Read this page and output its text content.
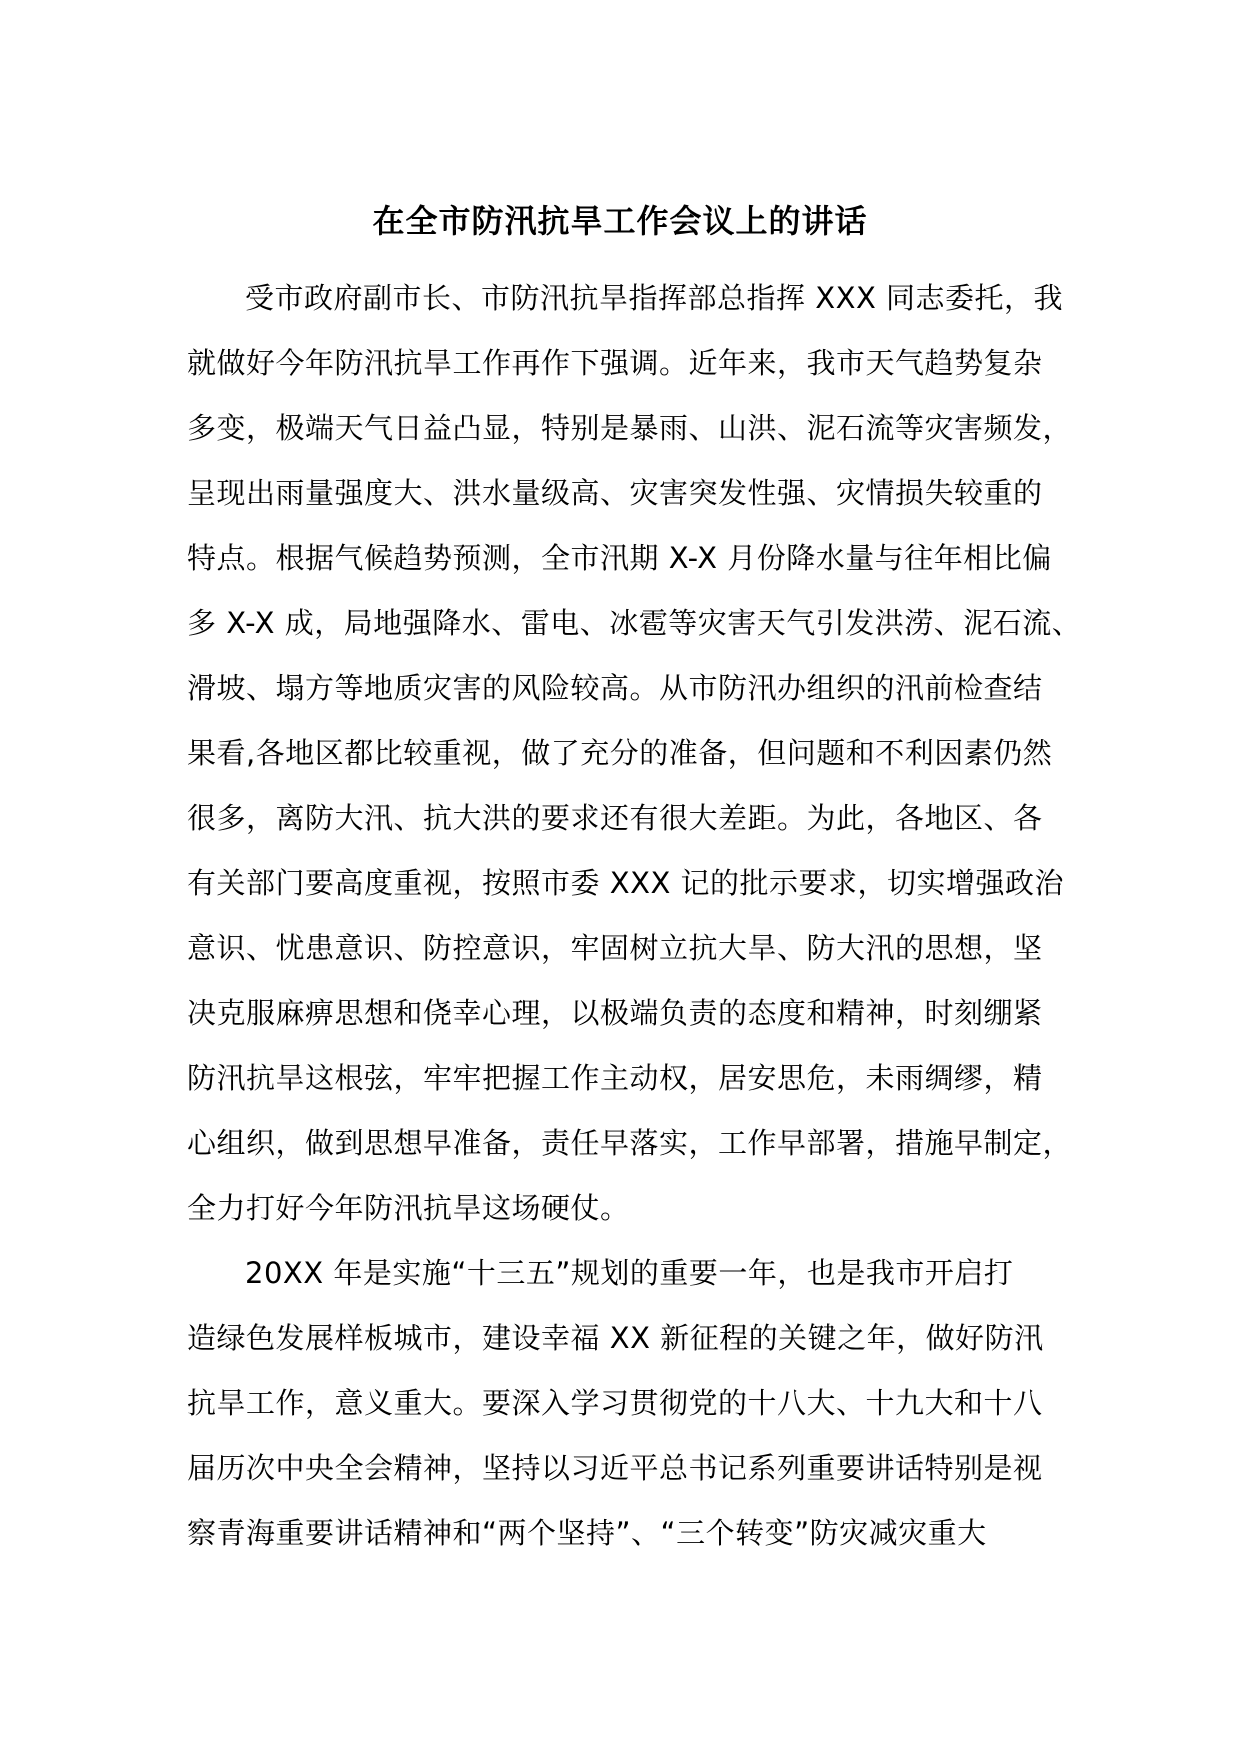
在全市防汛抗旱工作会议上的讲话
受市政府副市长、市防汛抗旱指挥部总指挥 XXX 同志委托，我
就做好今年防汛抗旱工作再作下强调。近年来，我市天气趋势复杂
多变，极端天气日益凸显，特别是暴雨、山洪、泥石流等灾害频发，
呈现出雨量强度大、洪水量级高、灾害突发性强、灾情损失较重的
特点。根据气候趋势预测，全市汛期 X-X 月份降水量与往年相比偏
多 X-X 成，局地强降水、雷电、冰雹等灾害天气引发洪涝、泥石流、
滑坡、塌方等地质灾害的风险较高。从市防汛办组织的汛前检查结
果看,各地区都比较重视，做了充分的准备，但问题和不利因素仍然
很多，离防大汛、抗大洪的要求还有很大差距。为此，各地区、各
有关部门要高度重视，按照市委 XXX 记的批示要求，切实增强政治
意识、忧患意识、防控意识，牢固树立抗大旱、防大汛的思想，坚
决克服麻痹思想和侥幸心理，以极端负责的态度和精神，时刻绷紧
防汛抗旱这根弦，牢牢把握工作主动权，居安思危，未雨绸缪，精
心组织，做到思想早准备，责任早落实，工作早部署，措施早制定，
全力打好今年防汛抗旱这场硬仗。
20XX 年是实施“十三五”规划的重要一年，也是我市开启打
造绿色发展样板城市，建设幸福 XX 新征程的关键之年，做好防汛
抗旱工作，意义重大。要深入学习贯彻党的十八大、十九大和十八
届历次中央全会精神，坚持以习近平总书记系列重要讲话特别是视
察青海重要讲话精神和“两个坚持”、“三个转变”防灾减灾重大
